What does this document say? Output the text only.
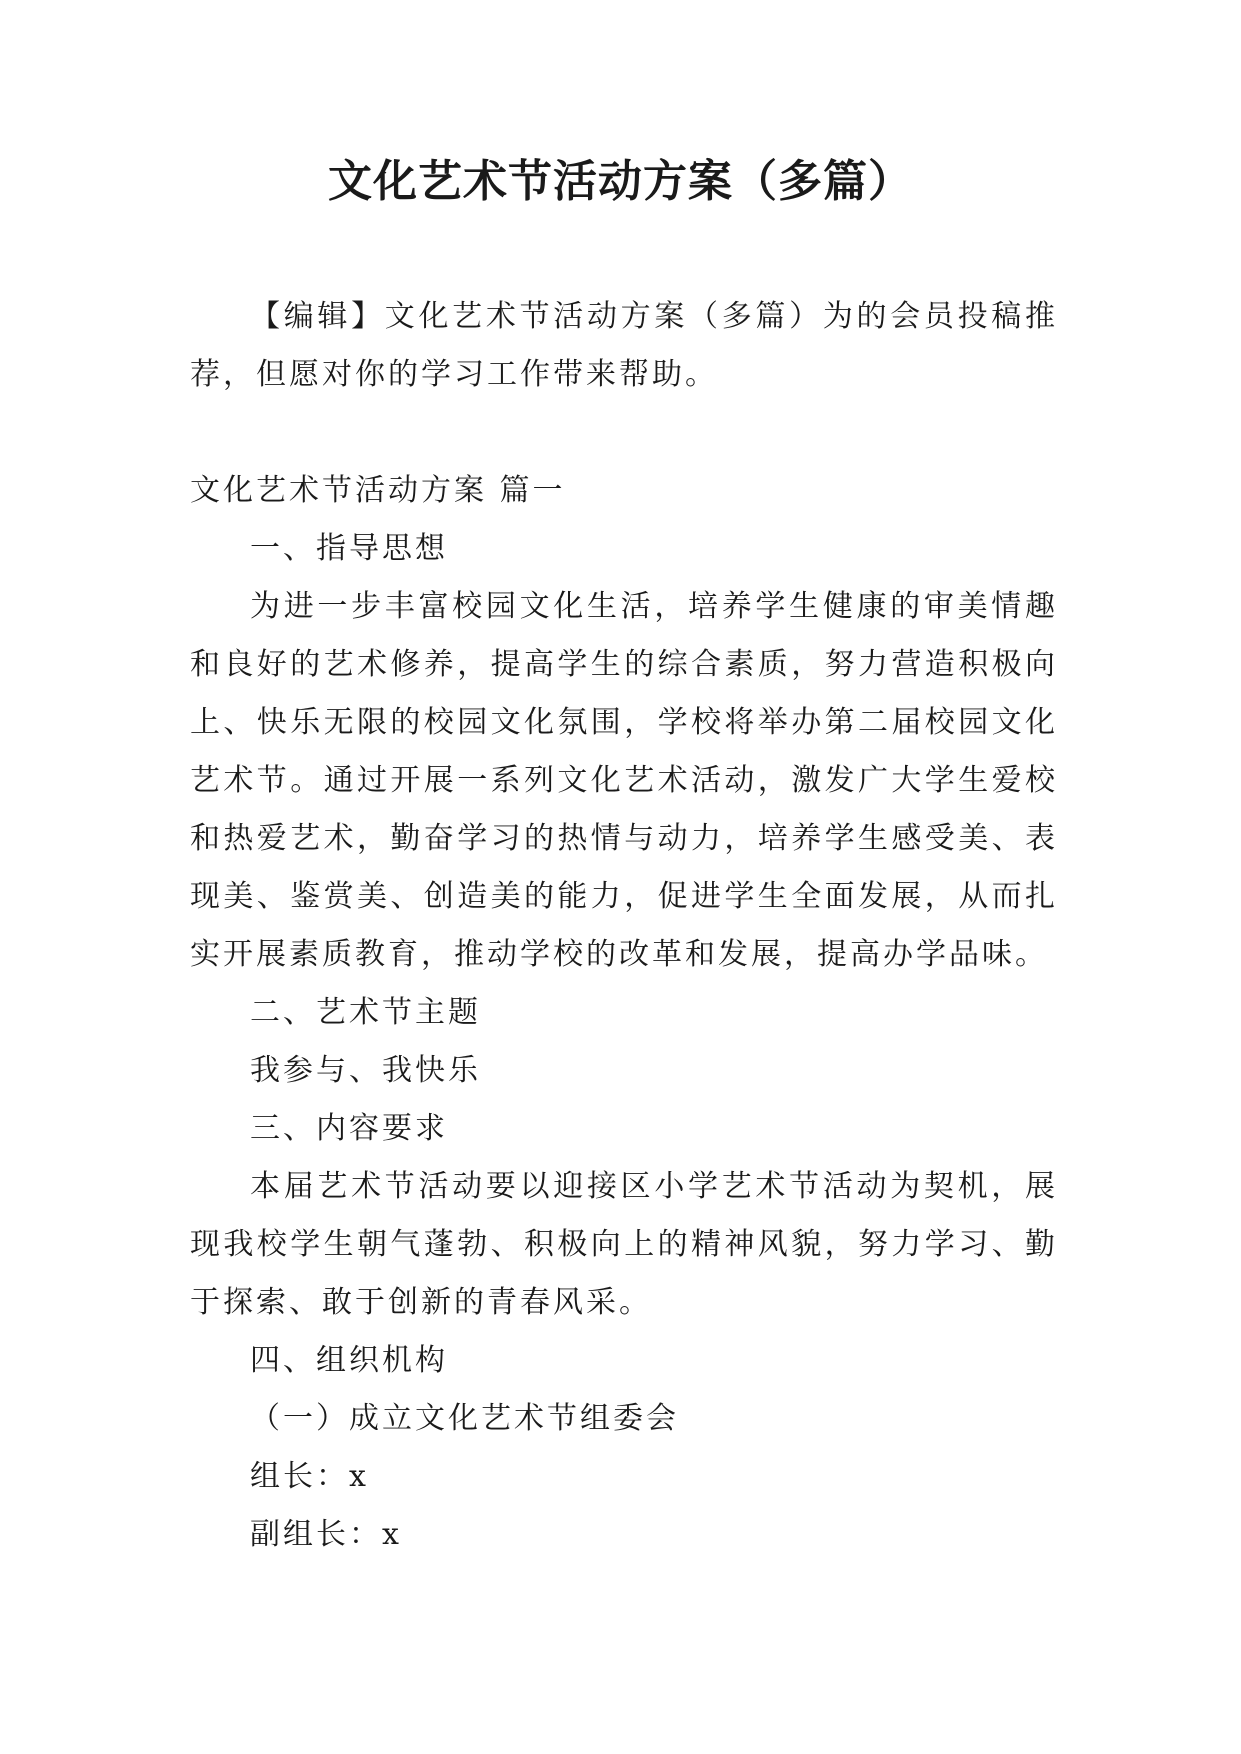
文化艺术节活动方案（多篇）

【编辑】文化艺术节活动方案（多篇）为的会员投稿推荐，但愿对你的学习工作带来帮助。

文化艺术节活动方案 篇一

一、指导思想

为进一步丰富校园文化生活，培养学生健康的审美情趣和良好的艺术修养，提高学生的综合素质，努力营造积极向上、快乐无限的校园文化氛围，学校将举办第二届校园文化艺术节。通过开展一系列文化艺术活动，激发广大学生爱校和热爱艺术，勤奋学习的热情与动力，培养学生感受美、表现美、鉴赏美、创造美的能力，促进学生全面发展，从而扎实开展素质教育，推动学校的改革和发展，提高办学品味。

二、艺术节主题

我参与、我快乐

三、内容要求

本届艺术节活动要以迎接区小学艺术节活动为契机，展现我校学生朝气蓬勃、积极向上的精神风貌，努力学习、勤于探索、敢于创新的青春风采。

四、组织机构

（一）成立文化艺术节组委会

组长：x

副组长：x
